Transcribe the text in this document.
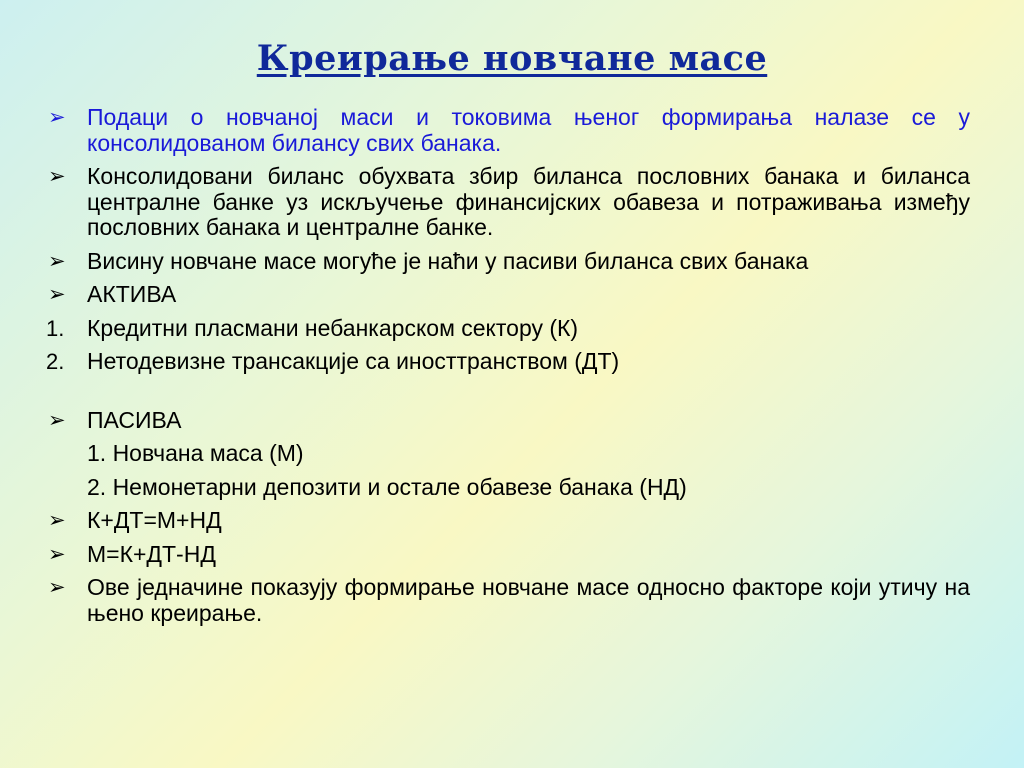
Креирање новчане масе
➢ Подаци о новчаној маси и токовима њеног формирања налазе се у консолидованом билансу свих банака.
➢ Консолидовани биланс обухвата збир биланса пословних банака и биланса централне банке уз искључење финансијских обавеза и потраживања између пословних банака и централне банке.
➢ Висину новчане масе могуће је наћи у пасиви биланса свих банака
➢ АКТИВА
1. Кредитни пласмани небанкарском сектору (К)
2. Нетодевизне трансакције са иносттранством (ДТ)
➢ ПАСИВА
1. Новчана маса (М)
2. Немонетарни депозити и остале обавезе банака (НД)
➢ К+ДТ=М+НД
➢ М=К+ДТ-НД
➢ Ове једначине показују формирање новчане масе односно факторе који утичу на њено креирање.
